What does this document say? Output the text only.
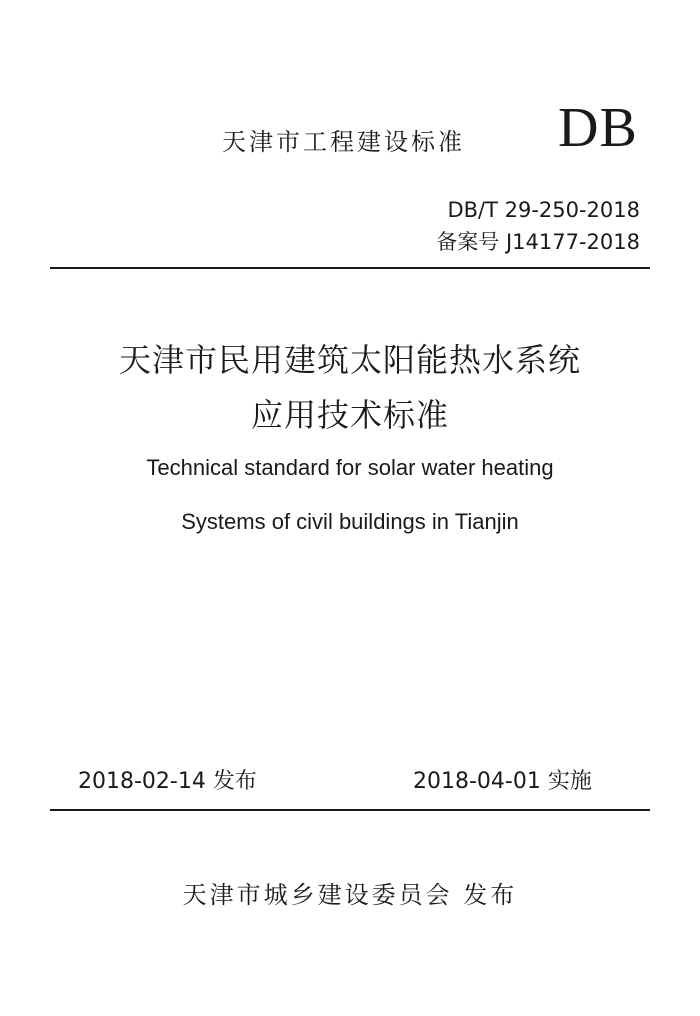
天津市工程建设标准 DB
DB/T 29-250-2018
备案号 J14177-2018
天津市民用建筑太阳能热水系统
应用技术标准
Technical standard for solar water heating
Systems of civil buildings in Tianjin
2018-02-14 发布	2018-04-01 实施
天津市城乡建设委员会 发布
